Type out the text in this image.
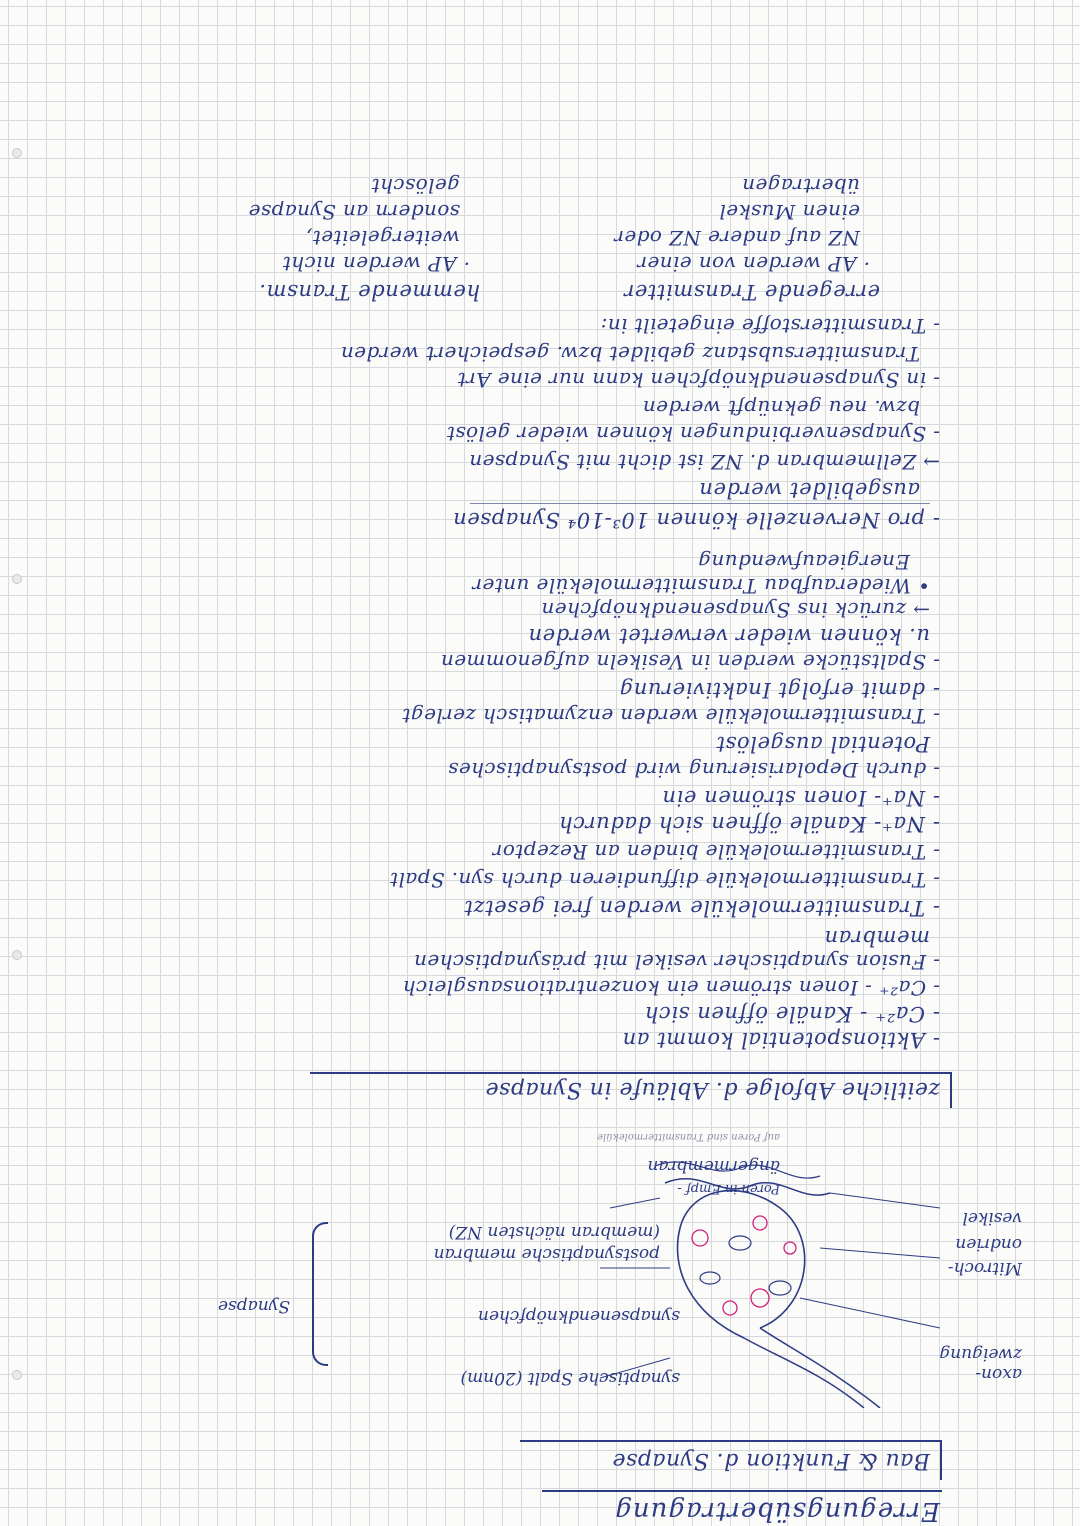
Erregungsübertragung
Bau & Funktion d. Synapse
axon-
zweigung
Mitroch-
ondrien
vesikel
synaptische Spalt (20nm)
synapsenendknöpfchen
postsynaptische membran
(membran nächsten NZ)
Synapse
Poren in Empf -
ängermembran
auf Poren sind Transmittermoleküle
zeitliche Abfolge d. Abläufe in Synapse
- Aktionspotential kommt an
- Ca²⁺ - Kanäle öffnen sich
- Ca²⁺ - Ionen strömen ein konzentrationsausgleich
- Fusion synaptischer vesikel mit präsynaptischen
membran
- Transmittermoleküle werden frei gesetzt
- Transmittermoleküle diffundieren durch syn. Spalt
- Transmittermoleküle binden an Rezeptor
- Na⁺- Kanäle öffnen sich dadurch
- Na⁺- Ionen strömen ein
- durch Depolarisierung wird postsynaptisches
Potential ausgelöst
- Transmittermoleküle werden enzymatisch zerlegt
- damit erfolgt Inaktivierung
- Spaltstücke werden in Vesikeln aufgenommen
u. können wieder verwertet werden
→ zurück ins Synapsenendknöpfchen
• Wiederaufbau Transmittermoleküle unter
Energieaufwendung
- pro Nervenzelle können 10³-10⁴ Synapsen
ausgebildet werden
→ Zellmembran d. NZ ist dicht mit Synapsen
- Synapsenverbindungen können wieder gelöst
bzw. neu geknüpft werden
- in Synapsenendknöpfchen kann nur eine Art
Transmittersubstanz gebildet bzw. gespeichert werden
- Transmitterstoffe eingeteilt in:
erregende Transmitter
hemmende Transm.
· AP werden von einer
NZ auf andere NZ oder
einen Muskel
übertragen
· AP werden nicht
weitergeleitet,
sondern an Synapse
gelöscht
